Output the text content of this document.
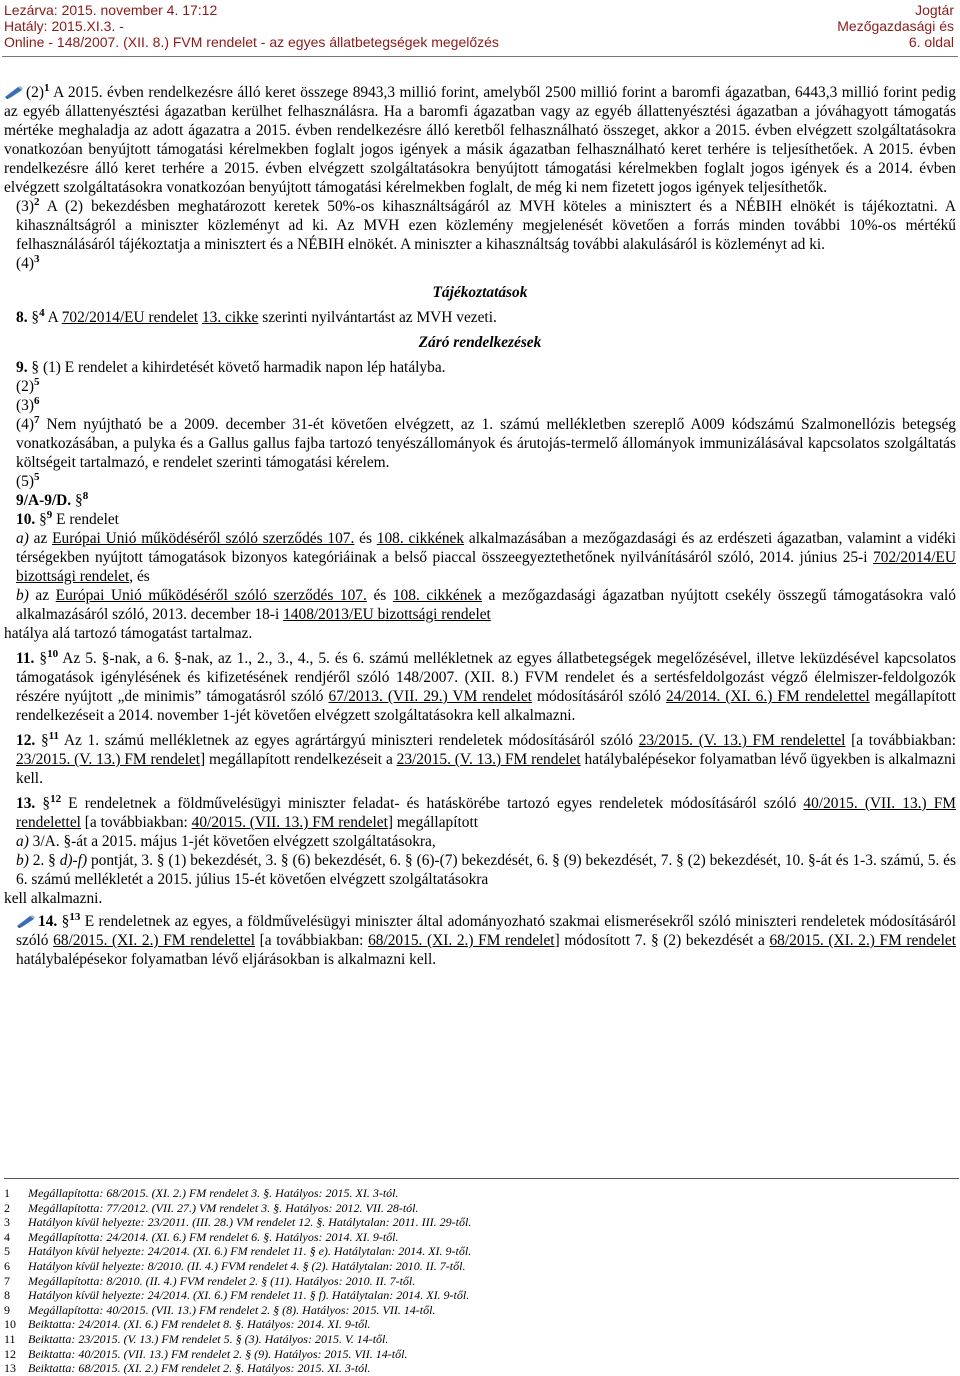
Lezárva: 2015. november 4. 17:12
Hatály: 2015.XI.3. -
Online - 148/2007. (XII. 8.) FVM rendelet - az egyes állatbetegségek megelőzés
Jogtár
Mezőgazdasági és
6. oldal

$(2)^1$ A 2015. évben rendelkezésre álló keret összege 8943,3 millió forint, amelyből 2500 millió forint a baromfi ágazatban, 6443,3 millió forint pedig az egyéb állattenyésztési ágazatban kerülhet felhasználásra. Ha a baromfi ágazatban vagy az egyéb állattenyésztési ágazatban a jóváhagyott támogatás mértéke meghaladja az adott ágazatra a 2015. évben rendelkezésre álló keretből felhasználható összeget, akkor a 2015. évben elvégzett szolgáltatásokra vonatkozóan benyújtott támogatási kérelmekben foglalt jogos igények a másik ágazatban felhasználható keret terhére is teljesíthetőek. A 2015. évben rendelkezésre álló keret terhére a 2015. évben elvégzett szolgáltatásokra benyújtott támogatási kérelmekben foglalt jogos igények és a 2014. évben elvégzett szolgáltatásokra vonatkozóan benyújtott támogatási kérelmekben foglalt, de még ki nem fizetett jogos igények teljesíthetők.

$(3)^2$ A (2) bekezdésben meghatározott keretek 50%-os kihasználtságáról az MVH köteles a minisztert és a NÉBIH elnökét is tájékoztatni. A kihasználtságról a miniszter közleményt ad ki. Az MVH ezen közlemény megjelenését követően a forrás minden további 10%-os mértékű felhasználásáról tájékoztatja a minisztert és a NÉBIH elnökét. A miniszter a kihasználtság további alakulásáról is közleményt ad ki.

$(4)^3$

Tájékoztatások

8. §$^4$ A 702/2014/EU rendelet 13. cikke szerinti nyilvántartást az MVH vezeti.

Záró rendelkezések

9. § (1) E rendelet a kihirdetését követő harmadik napon lép hatályba.

$(2)^5$

$(3)^6$

$(4)^7$ Nem nyújtható be a 2009. december 31-ét követően elvégzett, az 1. számú mellékletben szereplő A009 kódszámú Szalmonellózis betegség vonatkozásában, a pulyka és a Gallus gallus fajba tartozó tenyészállományok és árutojás-termelő állományok immunizálásával kapcsolatos szolgáltatás költségeit tartalmazó, e rendelet szerinti támogatási kérelem.

$(5)^5$

9/A-9/D. §$^8$

10. §$^9$ E rendelet

a) az Európai Unió működéséről szóló szerződés 107. és 108. cikkének alkalmazásában a mezőgazdasági és az erdészeti ágazatban, valamint a vidéki térségekben nyújtott támogatások bizonyos kategóriáinak a belső piaccal összeegyeztethetőnek nyilvánításáról szóló, 2014. június 25-i 702/2014/EU bizottsági rendelet, és

b) az Európai Unió működéséről szóló szerződés 107. és 108. cikkének a mezőgazdasági ágazatban nyújtott csekély összegű támogatásokra való alkalmazásáról szóló, 2013. december 18-i 1408/2013/EU bizottsági rendelet

hatálya alá tartozó támogatást tartalmaz.

11. §$^{10}$ Az 5. §-nak, a 6. §-nak, az 1., 2., 3., 4., 5. és 6. számú mellékletnek az egyes állatbetegségek megelőzésével, illetve leküzdésével kapcsolatos támogatások igénylésének és kifizetésének rendjéről szóló 148/2007. (XII. 8.) FVM rendelet és a sertésfeldolgozást végző élelmiszer-feldolgozók részére nyújtott „de minimis” támogatásról szóló 67/2013. (VII. 29.) VM rendelet módosításáról szóló 24/2014. (XI. 6.) FM rendelettel megállapított rendelkezéseit a 2014. november 1-jét követően elvégzett szolgáltatásokra kell alkalmazni.

12. §$^{11}$ Az 1. számú mellékletnek az egyes agrártárgyú miniszteri rendeletek módosításáról szóló 23/2015. (V. 13.) FM rendelettel [a továbbiakban: 23/2015. (V. 13.) FM rendelet] megállapított rendelkezéseit a 23/2015. (V. 13.) FM rendelet hatálybalépésekor folyamatban lévő ügyekben is alkalmazni kell.

13. §$^{12}$ E rendeletnek a földművelésügyi miniszter feladat- és hatáskörébe tartozó egyes rendeletek módosításáról szóló 40/2015. (VII. 13.) FM rendelettel [a továbbiakban: 40/2015. (VII. 13.) FM rendelet] megállapított

a) 3/A. §-át a 2015. május 1-jét követően elvégzett szolgáltatásokra,

b) 2. § d)-f) pontját, 3. § (1) bekezdését, 3. § (6) bekezdését, 6. § (6)-(7) bekezdését, 6. § (9) bekezdését, 7. § (2) bekezdését, 10. §-át és 1-3. számú, 5. és 6. számú mellékletét a 2015. július 15-ét követően elvégzett szolgáltatásokra

kell alkalmazni.

14. §$^{13}$ E rendeletnek az egyes, a földművelésügyi miniszter által adományozható szakmai elismerésekről szóló miniszteri rendeletek módosításáról szóló 68/2015. (XI. 2.) FM rendelettel [a továbbiakban: 68/2015. (XI. 2.) FM rendelet] módosított 7. § (2) bekezdését a 68/2015. (XI. 2.) FM rendelet hatálybalépésekor folyamatban lévő eljárásokban is alkalmazni kell.

1 Megállapította: 68/2015. (XI. 2.) FM rendelet 3. §. Hatályos: 2015. XI. 3-tól.
2 Megállapította: 77/2012. (VII. 27.) VM rendelet 3. §. Hatályos: 2012. VII. 28-tól.
3 Hatályon kívül helyezte: 23/2011. (III. 28.) VM rendelet 12. §. Hatálytalan: 2011. III. 29-től.
4 Megállapította: 24/2014. (XI. 6.) FM rendelet 6. §. Hatályos: 2014. XI. 9-től.
5 Hatályon kívül helyezte: 24/2014. (XI. 6.) FM rendelet 11. § e). Hatálytalan: 2014. XI. 9-től.
6 Hatályon kívül helyezte: 8/2010. (II. 4.) FVM rendelet 4. § (2). Hatálytalan: 2010. II. 7-től.
7 Megállapította: 8/2010. (II. 4.) FVM rendelet 2. § (11). Hatályos: 2010. II. 7-től.
8 Hatályon kívül helyezte: 24/2014. (XI. 6.) FM rendelet 11. § f). Hatálytalan: 2014. XI. 9-től.
9 Megállapította: 40/2015. (VII. 13.) FM rendelet 2. § (8). Hatályos: 2015. VII. 14-től.
10 Beiktatta: 24/2014. (XI. 6.) FM rendelet 8. §. Hatályos: 2014. XI. 9-től.
11 Beiktatta: 23/2015. (V. 13.) FM rendelet 5. § (3). Hatályos: 2015. V. 14-től.
12 Beiktatta: 40/2015. (VII. 13.) FM rendelet 2. § (9). Hatályos: 2015. VII. 14-től.
13 Beiktatta: 68/2015. (XI. 2.) FM rendelet 2. §. Hatályos: 2015. XI. 3-tól.
